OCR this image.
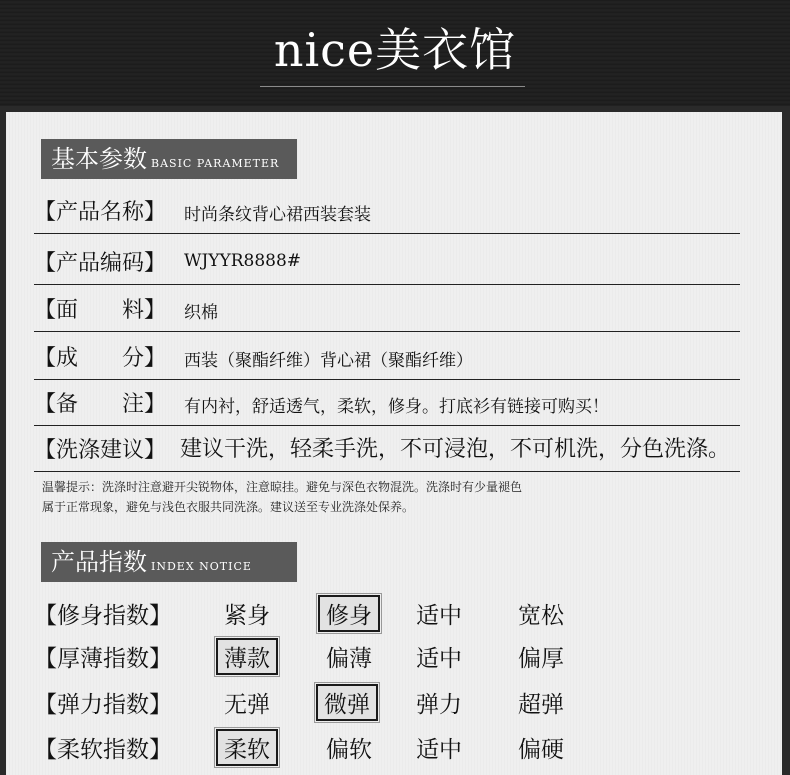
nice美衣馆
基本参数 BASIC PARAMETER
【产品名称】 时尚条纹背心裙西装套装
【产品编码】 WJYYR8888#
【面　　料】 织棉
【成　　分】 西装（聚酯纤维）背心裙（聚酯纤维）
【备　　注】 有内衬，舒适透气，柔软，修身。打底衫有链接可购买！
【洗涤建议】 建议干洗，轻柔手洗，不可浸泡，不可机洗，分色洗涤。
温馨提示：洗涤时注意避开尖锐物体，注意晾挂。避免与深色衣物混洗。洗涤时有少量褪色
属于正常现象，避免与浅色衣服共同洗涤。建议送至专业洗涤处保养。
产品指数 INDEX NOTICE
【修身指数】 紧身	修身	适中 宽松
【厚薄指数】	薄款	偏薄 适中 偏厚
【弹力指数】 无弹	微弹	弹力 超弹
【柔软指数】	柔软	偏软 适中 偏硬
